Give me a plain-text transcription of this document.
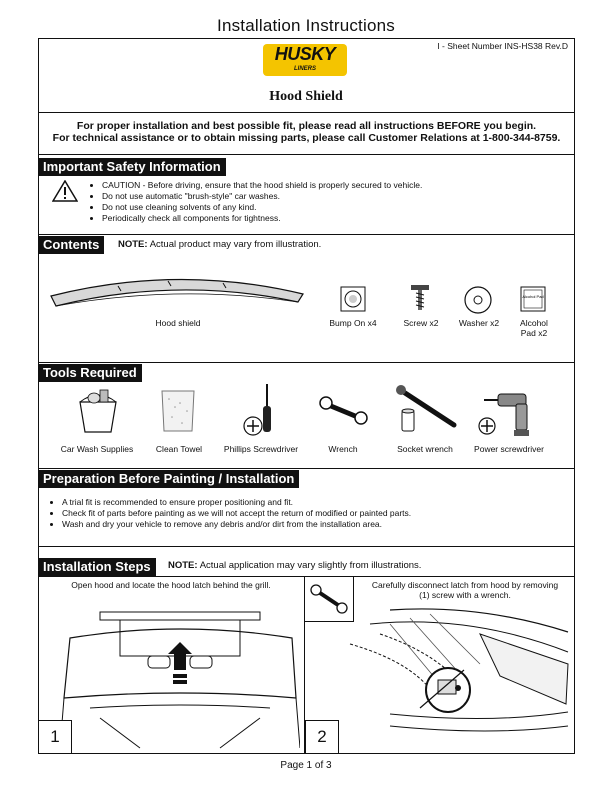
Installation Instructions
I - Sheet Number INS-HS38 Rev.D
HUSKY
LINERS
Hood Shield
For proper installation and best possible fit, please read all instructions BEFORE you begin.
For technical assistance or to obtain missing parts, please call Customer Relations at 1-800-344-8759.
Important Safety Information
• CAUTION - Before driving, ensure that the hood shield is properly secured to vehicle.
• Do not use automatic "brush-style" car washes.
• Do not use cleaning solvents of any kind.
• Periodically check all components for tightness.
Contents	NOTE: Actual product may vary from illustration.
Hood shield	Bump On x4	Screw x2	Washer x2
Alcohol Pad
Alcohol
Pad x2
Tools Required
Car Wash Supplies	Clean Towel	Phillips Screwdriver	Wrench	Socket wrench	Power screwdriver
Preparation Before Painting / Installation
• A trial fit is recommended to ensure proper positioning and fit.
• Check fit of parts before painting as we will not accept the return of modified or painted parts.
• Wash and dry your vehicle to remove any debris and/or dirt from the installation area.
Installation Steps	NOTE: Actual application may vary slightly from illustrations.
Open hood and locate the hood latch behind the grill.
1
Carefully disconnect latch from hood by removing
(1) screw with a wrench.
2
Page 1 of 3
